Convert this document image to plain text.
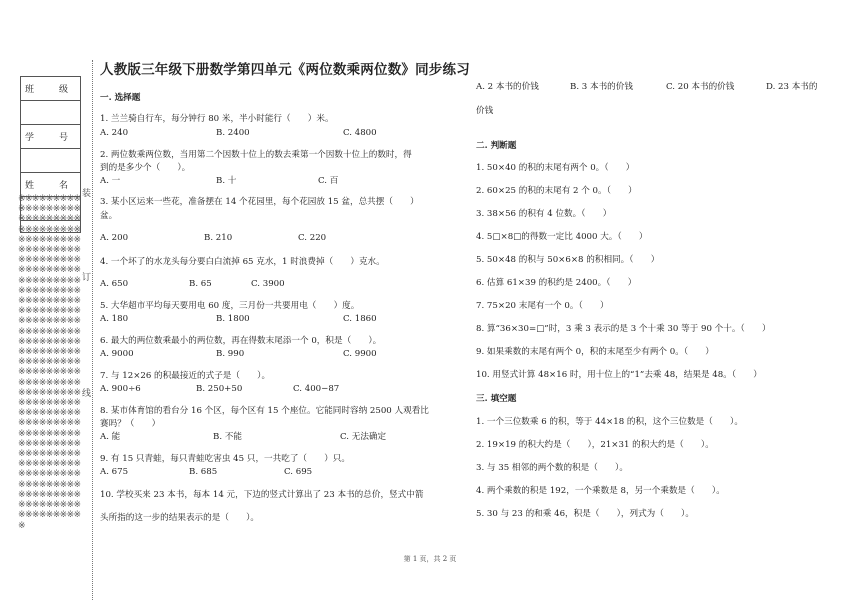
班　级

学　号

姓　名

※※※※※※※※※※※※※※※※※※※※※※※※※※※※※※※※※※※※※※※※※※※※※※※※※※※※※※※※※※※※※※※※※※※※※※※※※※※※※※※※※※※※※※※※※※※※※※※※※※※※※※※※※※※※※※※※※※※※※※※※※※※※※※※※※※※※※※※※※※※※※※※※※※※※※※※※※※※※※※※※※※※※※※※※※※※※※※※※※※※※※※※※※※※※※※※※※※※※※※※※※※※※※※※※※※※※※※※※※※※※※※※※※※※※※※※※※※※※※※※※※※※※※※※※※※※※※※※※※※※※※※※※※※※※※※※※※※※※※※※※※※※※※※※※※
装
订
线
人教版三年级下册数学第四单元《两位数乘两位数》同步练习

一. 选择题

1. 兰兰骑自行车，每分钟行 80 米，半小时能行（　　）米。

A. 240	B. 2400	C. 4800

2. 两位数乘两位数，当用第二个因数十位上的数去乘第一个因数十位上的数时，得

到的是多少个（　　）。

A. 一	B. 十	C. 百

3. 某小区运来一些花，准备摆在 14 个花园里，每个花园放 15 盆，总共摆（　　）

盆。

A. 200	B. 210	C. 220

4. 一个坏了的水龙头每分要白白流掉 65 克水，1 时浪费掉（　　）克水。

A. 650	B. 65	C. 3900

5. 大华超市平均每天要用电 60 度，三月份一共要用电（　　）度。

A. 180	B. 1800	C. 1860

6. 最大的两位数乘最小的两位数，再在得数末尾添一个 0，积是（　　）。

A. 9000	B. 990	C. 9900

7. 与 12×26 的积最接近的式子是（　　）。

A. 900÷6	B. 250+50	C. 400−87

8. 某市体育馆的看台分 16 个区，每个区有 15 个座位。它能同时容纳 2500 人观看比

赛吗？（　　）

A. 能	B. 不能	C. 无法确定

9. 有 15 只青蛙，每只青蛙吃害虫 45 只，一共吃了（　　）只。

A. 675	B. 685	C. 695

10. 学校买来 23 本书，每本 14 元，下边的竖式计算出了 23 本书的总价，竖式中箭

头所指的这一步的结果表示的是（　　）。

A. 2 本书的价钱	B. 3 本书的价钱	C. 20 本书的价钱	D. 23 本书的

价钱

二. 判断题

1. 50×40 的积的末尾有两个 0。（　　）

2. 60×25 的积的末尾有 2 个 0。（　　）

3. 38×56 的积有 4 位数。（　　）

4. 5□×8□的得数一定比 4000 大。（　　）

5. 50×48 的积与 50×6×8 的积相同。（　　）

6. 估算 61×39 的积约是 2400。（　　）

7. 75×20 末尾有一个 0。（　　）

8. 算“36×30=□”时，3 乘 3 表示的是 3 个十乘 30 等于 90 个十。（　　）

9. 如果乘数的末尾有两个 0，积的末尾至少有两个 0。（　　）

10. 用竖式计算 48×16 时，用十位上的“1”去乘 48，结果是 48。（　　）

三. 填空题

1. 一个三位数乘 6 的积，等于 44×18 的积，这个三位数是（　　）。

2. 19×19 的积大约是（　　），21×31 的积大约是（　　）。

3. 与 35 相邻的两个数的积是（　　）。

4. 两个乘数的积是 192，一个乘数是 8，另一个乘数是（　　）。

5. 30 与 23 的和乘 46，积是（　　），列式为（　　）。

第 1 页，共 2 页
